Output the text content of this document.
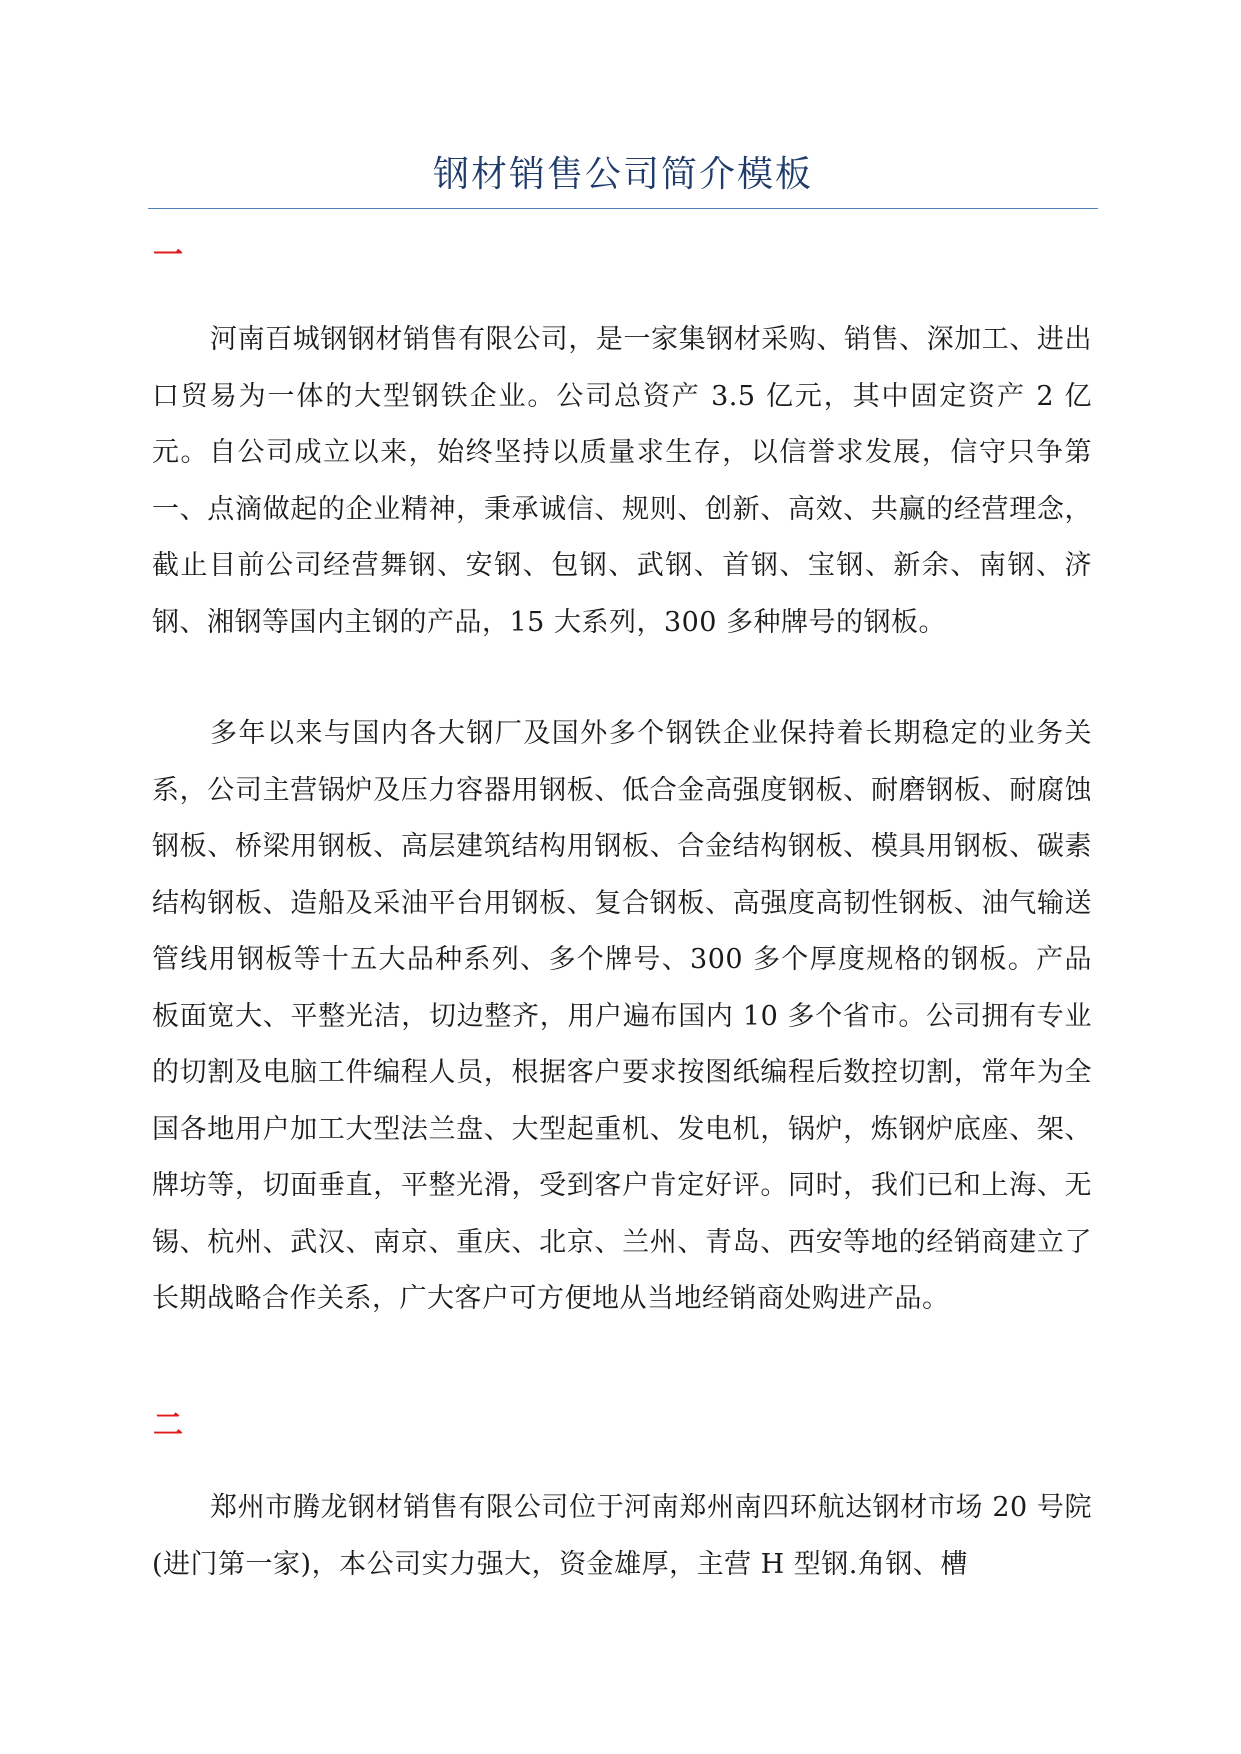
钢材销售公司简介模板
一

河南百城钢钢材销售有限公司，是一家集钢材采购、销售、深加工、进出口贸易为一体的大型钢铁企业。公司总资产 3.5 亿元，其中固定资产 2 亿元。自公司成立以来，始终坚持以质量求生存，以信誉求发展，信守只争第一、点滴做起的企业精神，秉承诚信、规则、创新、高效、共赢的经营理念，截止目前公司经营舞钢、安钢、包钢、武钢、首钢、宝钢、新余、南钢、济钢、湘钢等国内主钢的产品，15 大系列，300 多种牌号的钢板。

多年以来与国内各大钢厂及国外多个钢铁企业保持着长期稳定的业务关系，公司主营锅炉及压力容器用钢板、低合金高强度钢板、耐磨钢板、耐腐蚀钢板、桥梁用钢板、高层建筑结构用钢板、合金结构钢板、模具用钢板、碳素结构钢板、造船及采油平台用钢板、复合钢板、高强度高韧性钢板、油气输送管线用钢板等十五大品种系列、多个牌号、300 多个厚度规格的钢板。产品板面宽大、平整光洁，切边整齐，用户遍布国内 10 多个省市。公司拥有专业的切割及电脑工件编程人员，根据客户要求按图纸编程后数控切割，常年为全国各地用户加工大型法兰盘、大型起重机、发电机，锅炉，炼钢炉底座、架、牌坊等，切面垂直，平整光滑，受到客户肯定好评。同时，我们已和上海、无锡、杭州、武汉、南京、重庆、北京、兰州、青岛、西安等地的经销商建立了长期战略合作关系，广大客户可方便地从当地经销商处购进产品。

二

郑州市腾龙钢材销售有限公司位于河南郑州南四环航达钢材市场 20 号院(进门第一家)，本公司实力强大，资金雄厚，主营 H 型钢.角钢、槽
